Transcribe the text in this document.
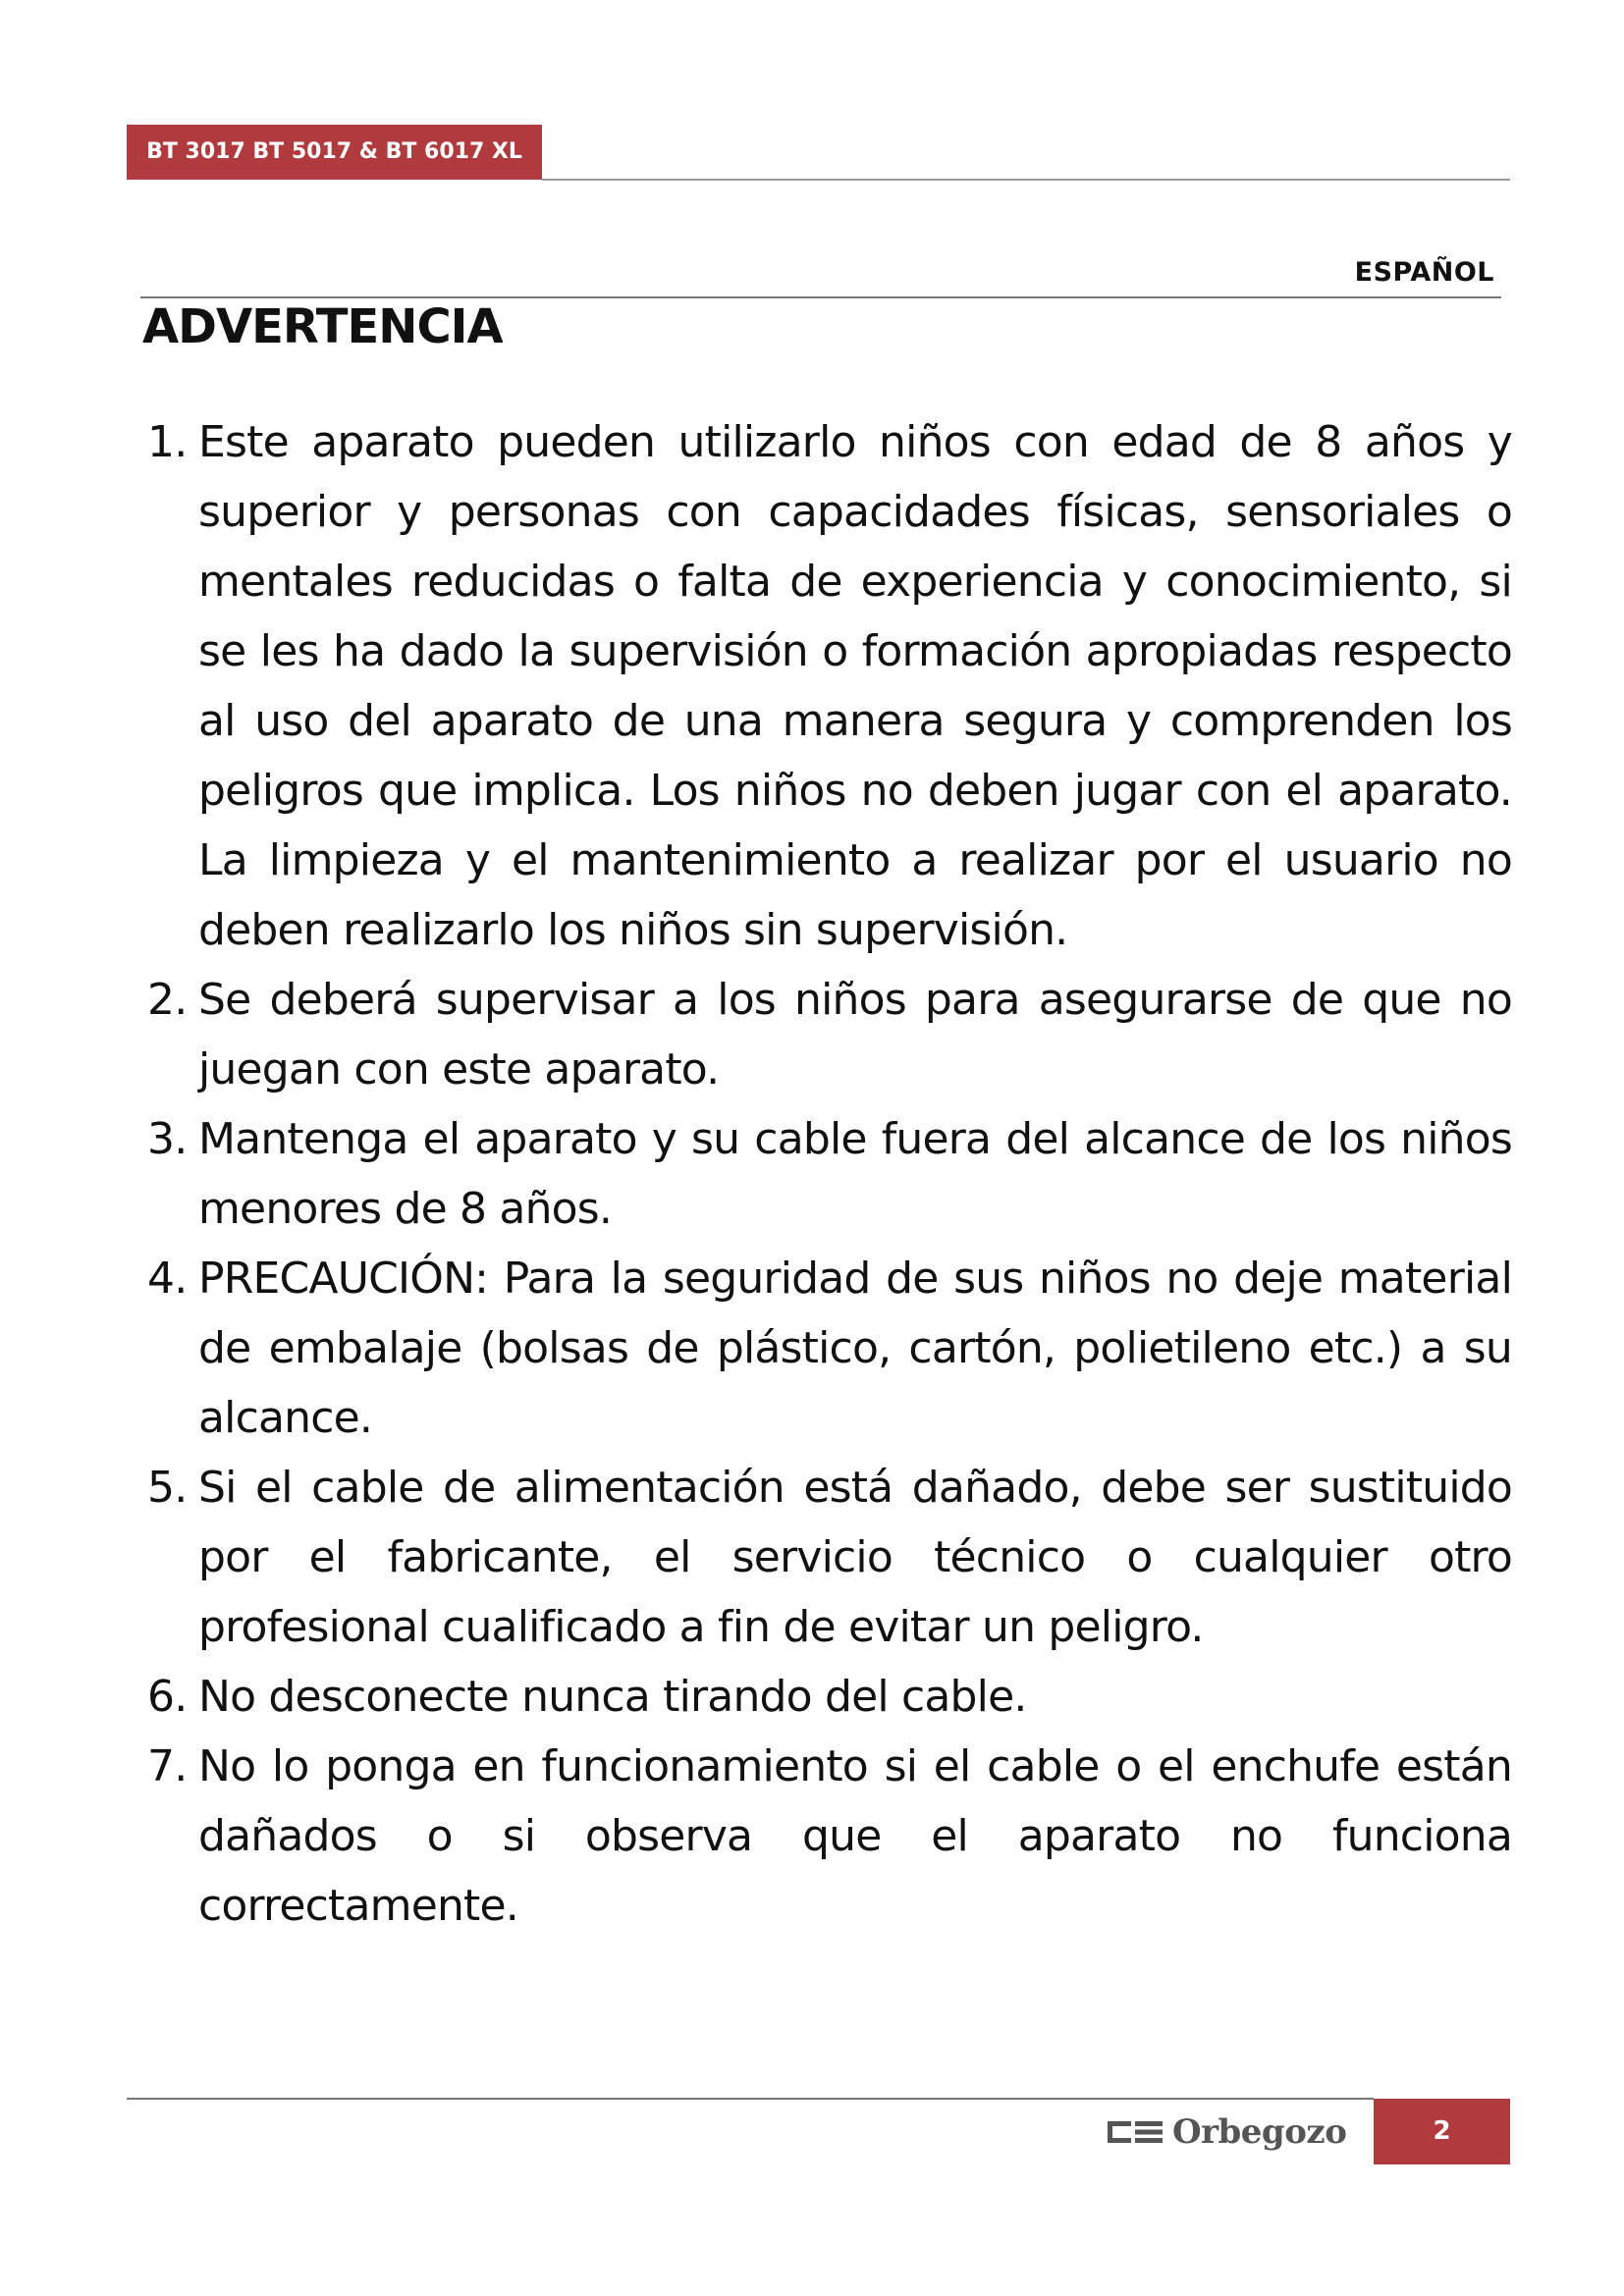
BT 3017 BT 5017 & BT 6017 XL
ESPAÑOL
ADVERTENCIA
1. Este aparato pueden utilizarlo niños con edad de 8 años y superior y personas con capacidades físicas, sensoriales o mentales reducidas o falta de experiencia y conocimiento, si se les ha dado la supervisión o formación apropiadas respecto al uso del aparato de una manera segura y comprenden los peligros que implica. Los niños no deben jugar con el aparato. La limpieza y el mantenimiento a realizar por el usuario no deben realizarlo los niños sin supervisión.
2. Se deberá supervisar a los niños para asegurarse de que no juegan con este aparato.
3. Mantenga el aparato y su cable fuera del alcance de los niños menores de 8 años.
4. PRECAUCIÓN: Para la seguridad de sus niños no deje material de embalaje (bolsas de plástico, cartón, polietileno etc.) a su alcance.
5. Si el cable de alimentación está dañado, debe ser sustituido por el fabricante, el servicio técnico o cualquier otro profesional cualificado a fin de evitar un peligro.
6. No desconecte nunca tirando del cable.
7. No lo ponga en funcionamiento si el cable o el enchufe están dañados o si observa que el aparato no funciona correctamente.
Orbegozo	2
